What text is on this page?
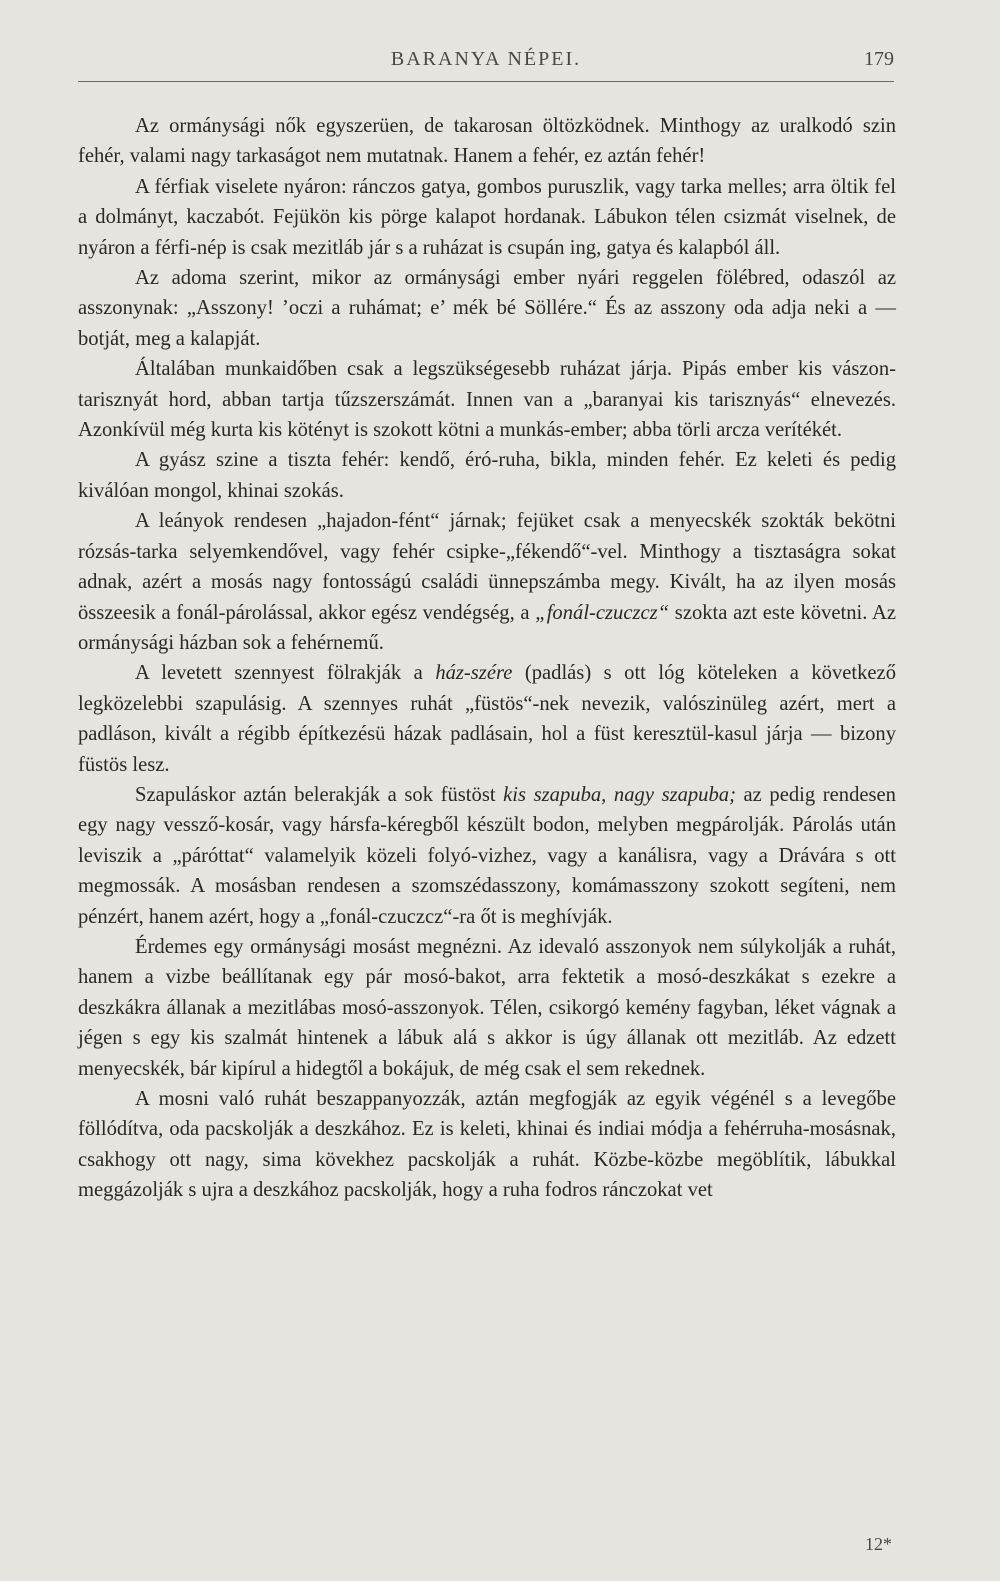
BARANYA NÉPEI.	179

Az ormánysági nők egyszerüen, de takarosan öltözködnek. Minthogy az uralkodó szin fehér, valami nagy tarkaságot nem mutatnak. Hanem a fehér, ez aztán fehér!

A férfiak viselete nyáron: ránczos gatya, gombos puruszlik, vagy tarka melles; arra öltik fel a dolmányt, kaczabót. Fejükön kis pörge kalapot hordanak. Lábukon télen csizmát viselnek, de nyáron a férfi-nép is csak mezitláb jár s a ruházat is csupán ing, gatya és kalapból áll.

Az adoma szerint, mikor az ormánysági ember nyári reggelen fölébred, odaszól az asszonynak: „Asszony! ’oczi a ruhámat; e’ mék bé Söllére.“ És az asszony oda adja neki a — botját, meg a kalapját.

Általában munkaidőben csak a legszükségesebb ruházat járja. Pipás ember kis vászon-tarisznyát hord, abban tartja tűzszerszámát. Innen van a „baranyai kis tarisznyás“ elnevezés. Azonkívül még kurta kis kötényt is szokott kötni a munkás-ember; abba törli arcza verítékét.

A gyász szine a tiszta fehér: kendő, éró-ruha, bikla, minden fehér. Ez keleti és pedig kiválóan mongol, khinai szokás.

A leányok rendesen „hajadon-fént“ járnak; fejüket csak a menyecskék szokták bekötni rózsás-tarka selyemkendővel, vagy fehér csipke-„fékendő“-vel. Minthogy a tisztaságra sokat adnak, azért a mosás nagy fontosságú családi ünnepszámba megy. Kivált, ha az ilyen mosás összeesik a fonál-párolással, akkor egész vendégség, a „fonál-czuczcz“ szokta azt este követni. Az ormánysági házban sok a fehérnemű.

A levetett szennyest fölrakják a ház-szére (padlás) s ott lóg köteleken a következő legközelebbi szapulásig. A szennyes ruhát „füstös“-nek nevezik, valószinüleg azért, mert a padláson, kivált a régibb építkezésü házak padlásain, hol a füst keresztül-kasul járja — bizony füstös lesz.

Szapuláskor aztán belerakják a sok füstöst kis szapuba, nagy szapuba; az pedig rendesen egy nagy vessző-kosár, vagy hársfa-kéregből készült bodon, melyben megpárolják. Párolás után leviszik a „páróttat“ valamelyik közeli folyó-vizhez, vagy a kanálisra, vagy a Drávára s ott megmossák. A mosásban rendesen a szomszédasszony, komámasszony szokott segíteni, nem pénzért, hanem azért, hogy a „fonál-czuczcz“-ra őt is meghívják.

Érdemes egy ormánysági mosást megnézni. Az idevaló asszonyok nem súlykolják a ruhát, hanem a vizbe beállítanak egy pár mosó-bakot, arra fektetik a mosó-deszkákat s ezekre a deszkákra állanak a mezitlábas mosó-asszonyok. Télen, csikorgó kemény fagyban, léket vágnak a jégen s egy kis szalmát hintenek a lábuk alá s akkor is úgy állanak ott mezitláb. Az edzett menyecskék, bár kipírul a hidegtől a bokájuk, de még csak el sem rekednek.

A mosni való ruhát beszappanyozzák, aztán megfogják az egyik végénél s a levegőbe föllódítva, oda pacskolják a deszkához. Ez is keleti, khinai és indiai módja a fehérruha-mosásnak, csakhogy ott nagy, sima kövekhez pacskolják a ruhát. Közbe-közbe megöblítik, lábukkal meggázolják s ujra a deszkához pacskolják, hogy a ruha fodros ránczokat vet

12*
